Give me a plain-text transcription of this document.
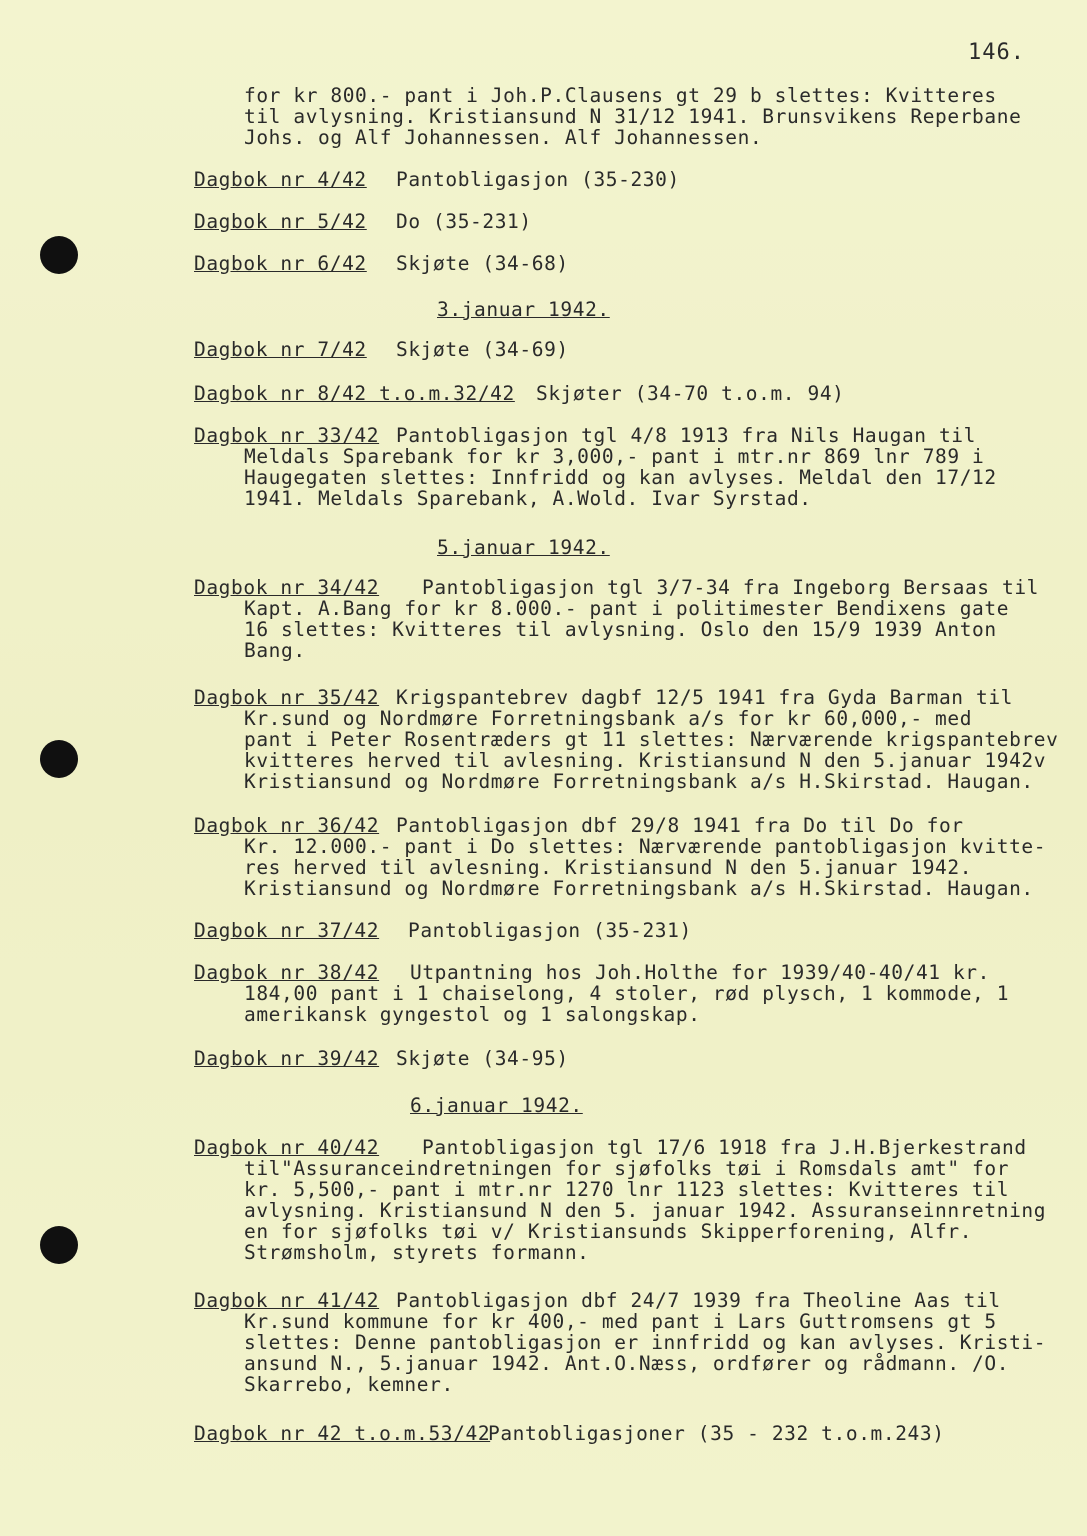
146.
for kr 800.- pant i Joh.P.Clausens gt 29 b slettes: Kvitteres
til avlysning. Kristiansund N 31/12 1941. Brunsvikens Reperbane
Johs. og Alf Johannessen. Alf Johannessen.
Dagbok nr 4/42 Pantobligasjon (35-230)
Dagbok nr 5/42 Do (35-231)
Dagbok nr 6/42 Skjøte (34-68)
3.januar 1942.
Dagbok nr 7/42 Skjøte (34-69)
Dagbok nr 8/42 t.o.m.32/42 Skjøter (34-70 t.o.m. 94)
Dagbok nr 33/42 Pantobligasjon tgl 4/8 1913 fra Nils Haugan til
Meldals Sparebank for kr 3,000,- pant i mtr.nr 869 lnr 789 i
Haugegaten slettes: Innfridd og kan avlyses. Meldal den 17/12
1941. Meldals Sparebank, A.Wold. Ivar Syrstad.
5.januar 1942.
Dagbok nr 34/42 Pantobligasjon tgl 3/7-34 fra Ingeborg Bersaas til
Kapt. A.Bang for kr 8.000.- pant i politimester Bendixens gate
16 slettes: Kvitteres til avlysning. Oslo den 15/9 1939 Anton
Bang.
Dagbok nr 35/42 Krigspantebrev dagbf 12/5 1941 fra Gyda Barman til
Kr.sund og Nordmøre Forretningsbank a/s for kr 60,000,- med
pant i Peter Rosentræders gt 11 slettes: Nærværende krigspantebrev
kvitteres herved til avlesning. Kristiansund N den 5.januar 1942v
Kristiansund og Nordmøre Forretningsbank a/s H.Skirstad. Haugan.
Dagbok nr 36/42 Pantobligasjon dbf 29/8 1941 fra Do til Do for
Kr. 12.000.- pant i Do slettes: Nærværende pantobligasjon kvitte-
res herved til avlesning. Kristiansund N den 5.januar 1942.
Kristiansund og Nordmøre Forretningsbank a/s H.Skirstad. Haugan.
Dagbok nr 37/42 Pantobligasjon (35-231)
Dagbok nr 38/42 Utpantning hos Joh.Holthe for 1939/40-40/41 kr.
184,00 pant i 1 chaiselong, 4 stoler, rød plysch, 1 kommode, 1
amerikansk gyngestol og 1 salongskap.
Dagbok nr 39/42 Skjøte (34-95)
6.januar 1942.
Dagbok nr 40/42 Pantobligasjon tgl 17/6 1918 fra J.H.Bjerkestrand
til"Assuranceindretningen for sjøfolks tøi i Romsdals amt" for
kr. 5,500,- pant i mtr.nr 1270 lnr 1123 slettes: Kvitteres til
avlysning. Kristiansund N den 5. januar 1942. Assuranseinnretning
en for sjøfolks tøi v/ Kristiansunds Skipperforening, Alfr.
Strømsholm, styrets formann.
Dagbok nr 41/42 Pantobligasjon dbf 24/7 1939 fra Theoline Aas til
Kr.sund kommune for kr 400,- med pant i Lars Guttromsens gt 5
slettes: Denne pantobligasjon er innfridd og kan avlyses. Kristi-
ansund N., 5.januar 1942. Ant.O.Næss, ordfører og rådmann. /O.
Skarrebo, kemner.
Dagbok nr 42 t.o.m.53/42
Pantobligasjoner (35 - 232 t.o.m.243)
